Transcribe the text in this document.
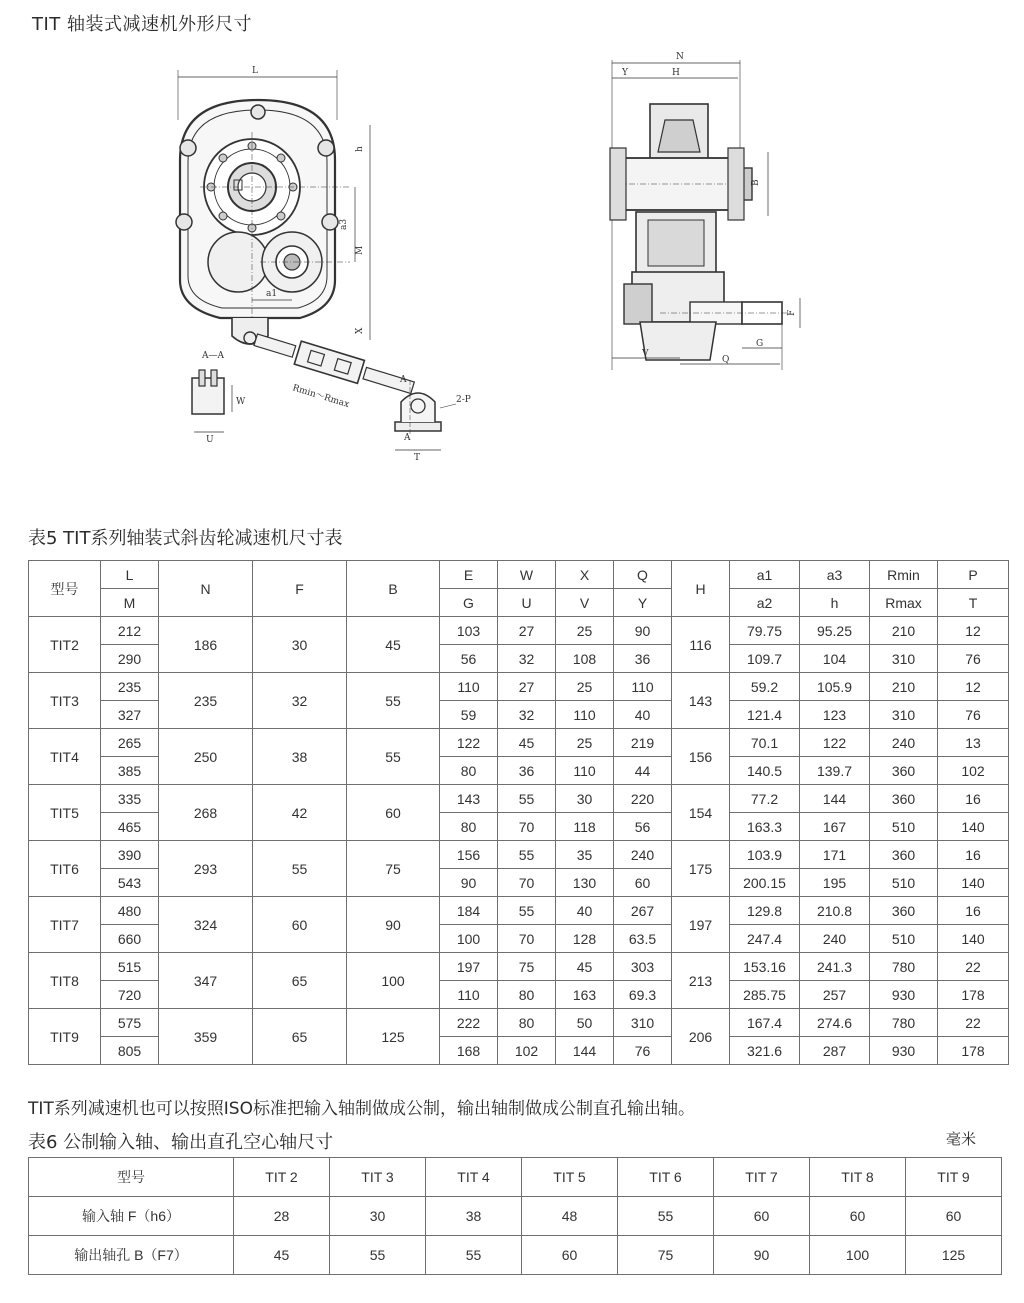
TIT 轴装式减速机外形尺寸
L
a3
h
M
X
a1
Rmin～Rmax
A
A
2-P
T
A—A
W
U
N
Y	H
B
F
V
Q
G
表5 TIT系列轴装式斜齿轮减速机尺寸表
型号	L	N	F	B	E	W	X	Q	H	a1	a3	Rmin	P
	M				G	U	V	Y		a2	h	Rmax	T
TIT2	212	186	30	45	103	27	25	90	116	79.75	95.25	210	12
	290				56	32	108	36		109.7	104	310	76
TIT3	235	235	32	55	110	27	25	110	143	59.2	105.9	210	12
	327				59	32	110	40		121.4	123	310	76
TIT4	265	250	38	55	122	45	25	219	156	70.1	122	240	13
	385				80	36	110	44		140.5	139.7	360	102
TIT5	335	268	42	60	143	55	30	220	154	77.2	144	360	16
	465				80	70	118	56		163.3	167	510	140
TIT6	390	293	55	75	156	55	35	240	175	103.9	171	360	16
	543				90	70	130	60		200.15	195	510	140
TIT7	480	324	60	90	184	55	40	267	197	129.8	210.8	360	16
	660				100	70	128	63.5		247.4	240	510	140
TIT8	515	347	65	100	197	75	45	303	213	153.16	241.3	780	22
	720				110	80	163	69.3		285.75	257	930	178
TIT9	575	359	65	125	222	80	50	310	206	167.4	274.6	780	22
	805				168	102	144	76		321.6	287	930	178
TIT系列减速机也可以按照ISO标准把输入轴制做成公制，输出轴制做成公制直孔输出轴。
表6 公制输入轴、输出直孔空心轴尺寸	毫米
型号	TIT 2	TIT 3	TIT 4	TIT 5	TIT 6	TIT 7	TIT 8	TIT 9
输入轴 F（h6）	28	30	38	48	55	60	60	60
输出轴孔 B（F7）	45	55	55	60	75	90	100	125
